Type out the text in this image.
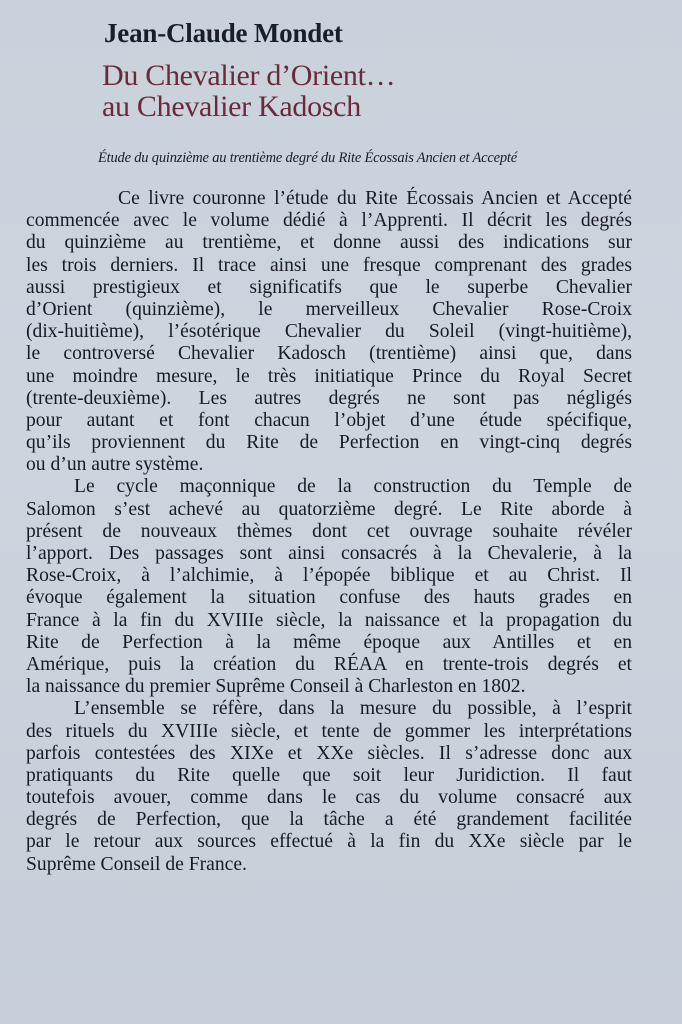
Jean-Claude Mondet
Du Chevalier d’Orient…
au Chevalier Kadosch
Étude du quinzième au trentième degré du Rite Écossais Ancien et Accepté
Ce livre couronne l’étude du Rite Écossais Ancien et Accepté
commencée avec le volume dédié à l’Apprenti. Il décrit les degrés
du quinzième au trentième, et donne aussi des indications sur
les trois derniers. Il trace ainsi une fresque comprenant des grades
aussi prestigieux et significatifs que le superbe Chevalier
d’Orient (quinzième), le merveilleux Chevalier Rose-Croix
(dix-huitième), l’ésotérique Chevalier du Soleil (vingt-huitième),
le controversé Chevalier Kadosch (trentième) ainsi que, dans
une moindre mesure, le très initiatique Prince du Royal Secret
(trente-deuxième). Les autres degrés ne sont pas négligés
pour autant et font chacun l’objet d’une étude spécifique,
qu’ils proviennent du Rite de Perfection en vingt-cinq degrés
ou d’un autre système.
Le cycle maçonnique de la construction du Temple de
Salomon s’est achevé au quatorzième degré. Le Rite aborde à
présent de nouveaux thèmes dont cet ouvrage souhaite révéler
l’apport. Des passages sont ainsi consacrés à la Chevalerie, à la
Rose-Croix, à l’alchimie, à l’épopée biblique et au Christ. Il
évoque également la situation confuse des hauts grades en
France à la fin du XVIIIe siècle, la naissance et la propagation du
Rite de Perfection à la même époque aux Antilles et en
Amérique, puis la création du RÉAA en trente-trois degrés et
la naissance du premier Suprême Conseil à Charleston en 1802.
L’ensemble se réfère, dans la mesure du possible, à l’esprit
des rituels du XVIIIe siècle, et tente de gommer les interprétations
parfois contestées des XIXe et XXe siècles. Il s’adresse donc aux
pratiquants du Rite quelle que soit leur Juridiction. Il faut
toutefois avouer, comme dans le cas du volume consacré aux
degrés de Perfection, que la tâche a été grandement facilitée
par le retour aux sources effectué à la fin du XXe siècle par le
Suprême Conseil de France.
